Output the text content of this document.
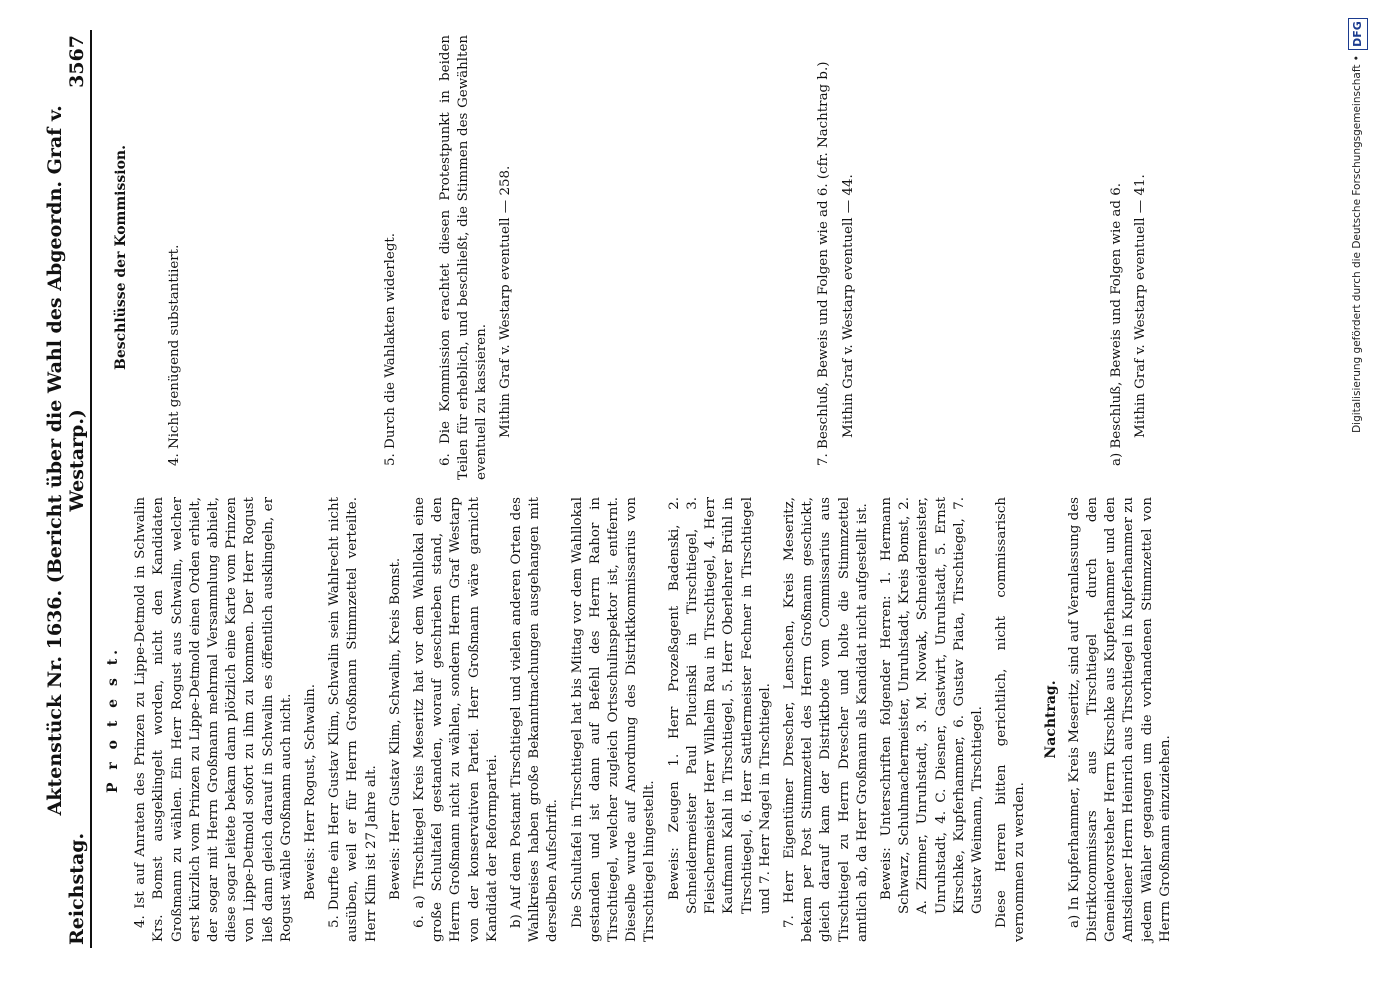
Reichstag.
Aktenstück Nr. 1636. (Bericht über die Wahl des Abgeordn. Graf v. Westarp.)
3567
P r o t e s t. 4. Ist auf Anraten des Prinzen zu Lippe-Detmold in Schwalin Krs. Bomst ausgeklingelt worden, nicht den Kandidaten Großmann zu wählen. Ein Herr Rogust aus Schwalin, welcher erst kürzlich vom Prinzen zu Lippe-Detmold einen Orden erhielt, der sogar mit Herrn Großmann mehrmal Versammlung abhielt, diese sogar leitete bekam dann plötzlich eine Karte vom Prinzen von Lippe-Detmold sofort zu ihm zu kommen. Der Herr Rogust ließ dann gleich darauf in Schwalin es öffentlich ausklingeln, er Rogust wähle Großmann auch nicht. Beweis: Herr Rogust, Schwalin. 5. Durfte ein Herr Gustav Klim, Schwalin sein Wahlrecht nicht ausüben, weil er für Herrn Großmann Stimmzettel verteilte. Herr Klim ist 27 Jahre alt. Beweis: Herr Gustav Klim, Schwalin, Kreis Bomst. 6. a) Tirschtiegel Kreis Meseritz hat vor dem Wahllokal eine große Schultafel gestanden, worauf geschrieben stand, den Herrn Großmann nicht zu wählen, sondern Herrn Graf Westarp von der konservativen Partei. Herr Großmann wäre garnicht Kandidat der Reformpartei. b) Auf dem Postamt Tirschtiegel und vielen anderen Orten des Wahlkreises haben große Bekanntmachungen ausgehangen mit derselben Aufschrift. Die Schultafel in Tirschtiegel hat bis Mittag vor dem Wahllokal gestanden und ist dann auf Befehl des Herrn Rahor in Tirschtiegel, welcher zugleich Ortsschulinspektor ist, entfernt. Dieselbe wurde auf Anordnung des Distriktkommissarius von Tirschtiegel hingestellt. Beweis: Zeugen 1. Herr Prozeßagent Badenski, 2. Schneidermeister Paul Plucinski in Tirschtiegel, 3. Fleischermeister Herr Wilhelm Rau in Tirschtiegel, 4. Herr Kaufmann Kahl in Tirschtiegel, 5. Herr Oberlehrer Brühl in Tirschtiegel, 6. Herr Sattlermeister Fechner in Tirschtiegel und 7. Herr Nagel in Tirschtiegel. 7. Herr Eigentümer Drescher, Lenschen, Kreis Meseritz, bekam per Post Stimmzettel des Herrn Großmann geschickt, gleich darauf kam der Distriktbote vom Commissarius aus Tirschtiegel zu Herrn Drescher und holte die Stimmzettel amtlich ab, da Herr Großmann als Kandidat nicht aufgestellt ist. Beweis: Unterschriften folgender Herren: 1. Hermann Schwarz, Schuhmachermeister, Unruhstadt, Kreis Bomst, 2. A. Zimmer, Unruhstadt, 3. M. Nowak, Schneidermeister, Unruhstadt, 4. C. Diesner, Gastwirt, Unruhstadt, 5. Ernst Kirschke, Kupferhammer, 6. Gustav Piata, Tirschtiegel, 7. Gustav Weimann, Tirschtiegel. Diese Herren bitten gerichtlich, nicht commissarisch vernommen zu werden.

Nachtrag. a) In Kupferhammer, Kreis Meseritz, sind auf Veranlassung des Distriktcommissars aus Tirschtiegel durch den Gemeindevorsteher Herrn Kirschke aus Kupferhammer und den Amtsdiener Herrn Heinrich aus Tirschtiegel in Kupferhammer zu jedem Wähler gegangen um die vorhandenen Stimmzettel von Herrn Großmann einzuziehen.

Beschlüsse der Kommission.	4. Nicht genügend substantiiert.	5. Durch die Wahlakten widerlegt.	6. Die Kommission erachtet diesen Protestpunkt in beiden Teilen für erheblich, und beschließt, die Stimmen des Gewählten eventuell zu kassieren. Mithin Graf v. Westarp eventuell — 258.	7. Beschluß, Beweis und Folgen wie ad 6. (cfr. Nachtrag b.) Mithin Graf v. Westarp eventuell — 44.	a) Beschluß, Beweis und Folgen wie ad 6. Mithin Graf v. Westarp eventuell — 41.	Digitalisierung gefördert durch die Deutsche Forschungsgemeinschaft •
DFG
